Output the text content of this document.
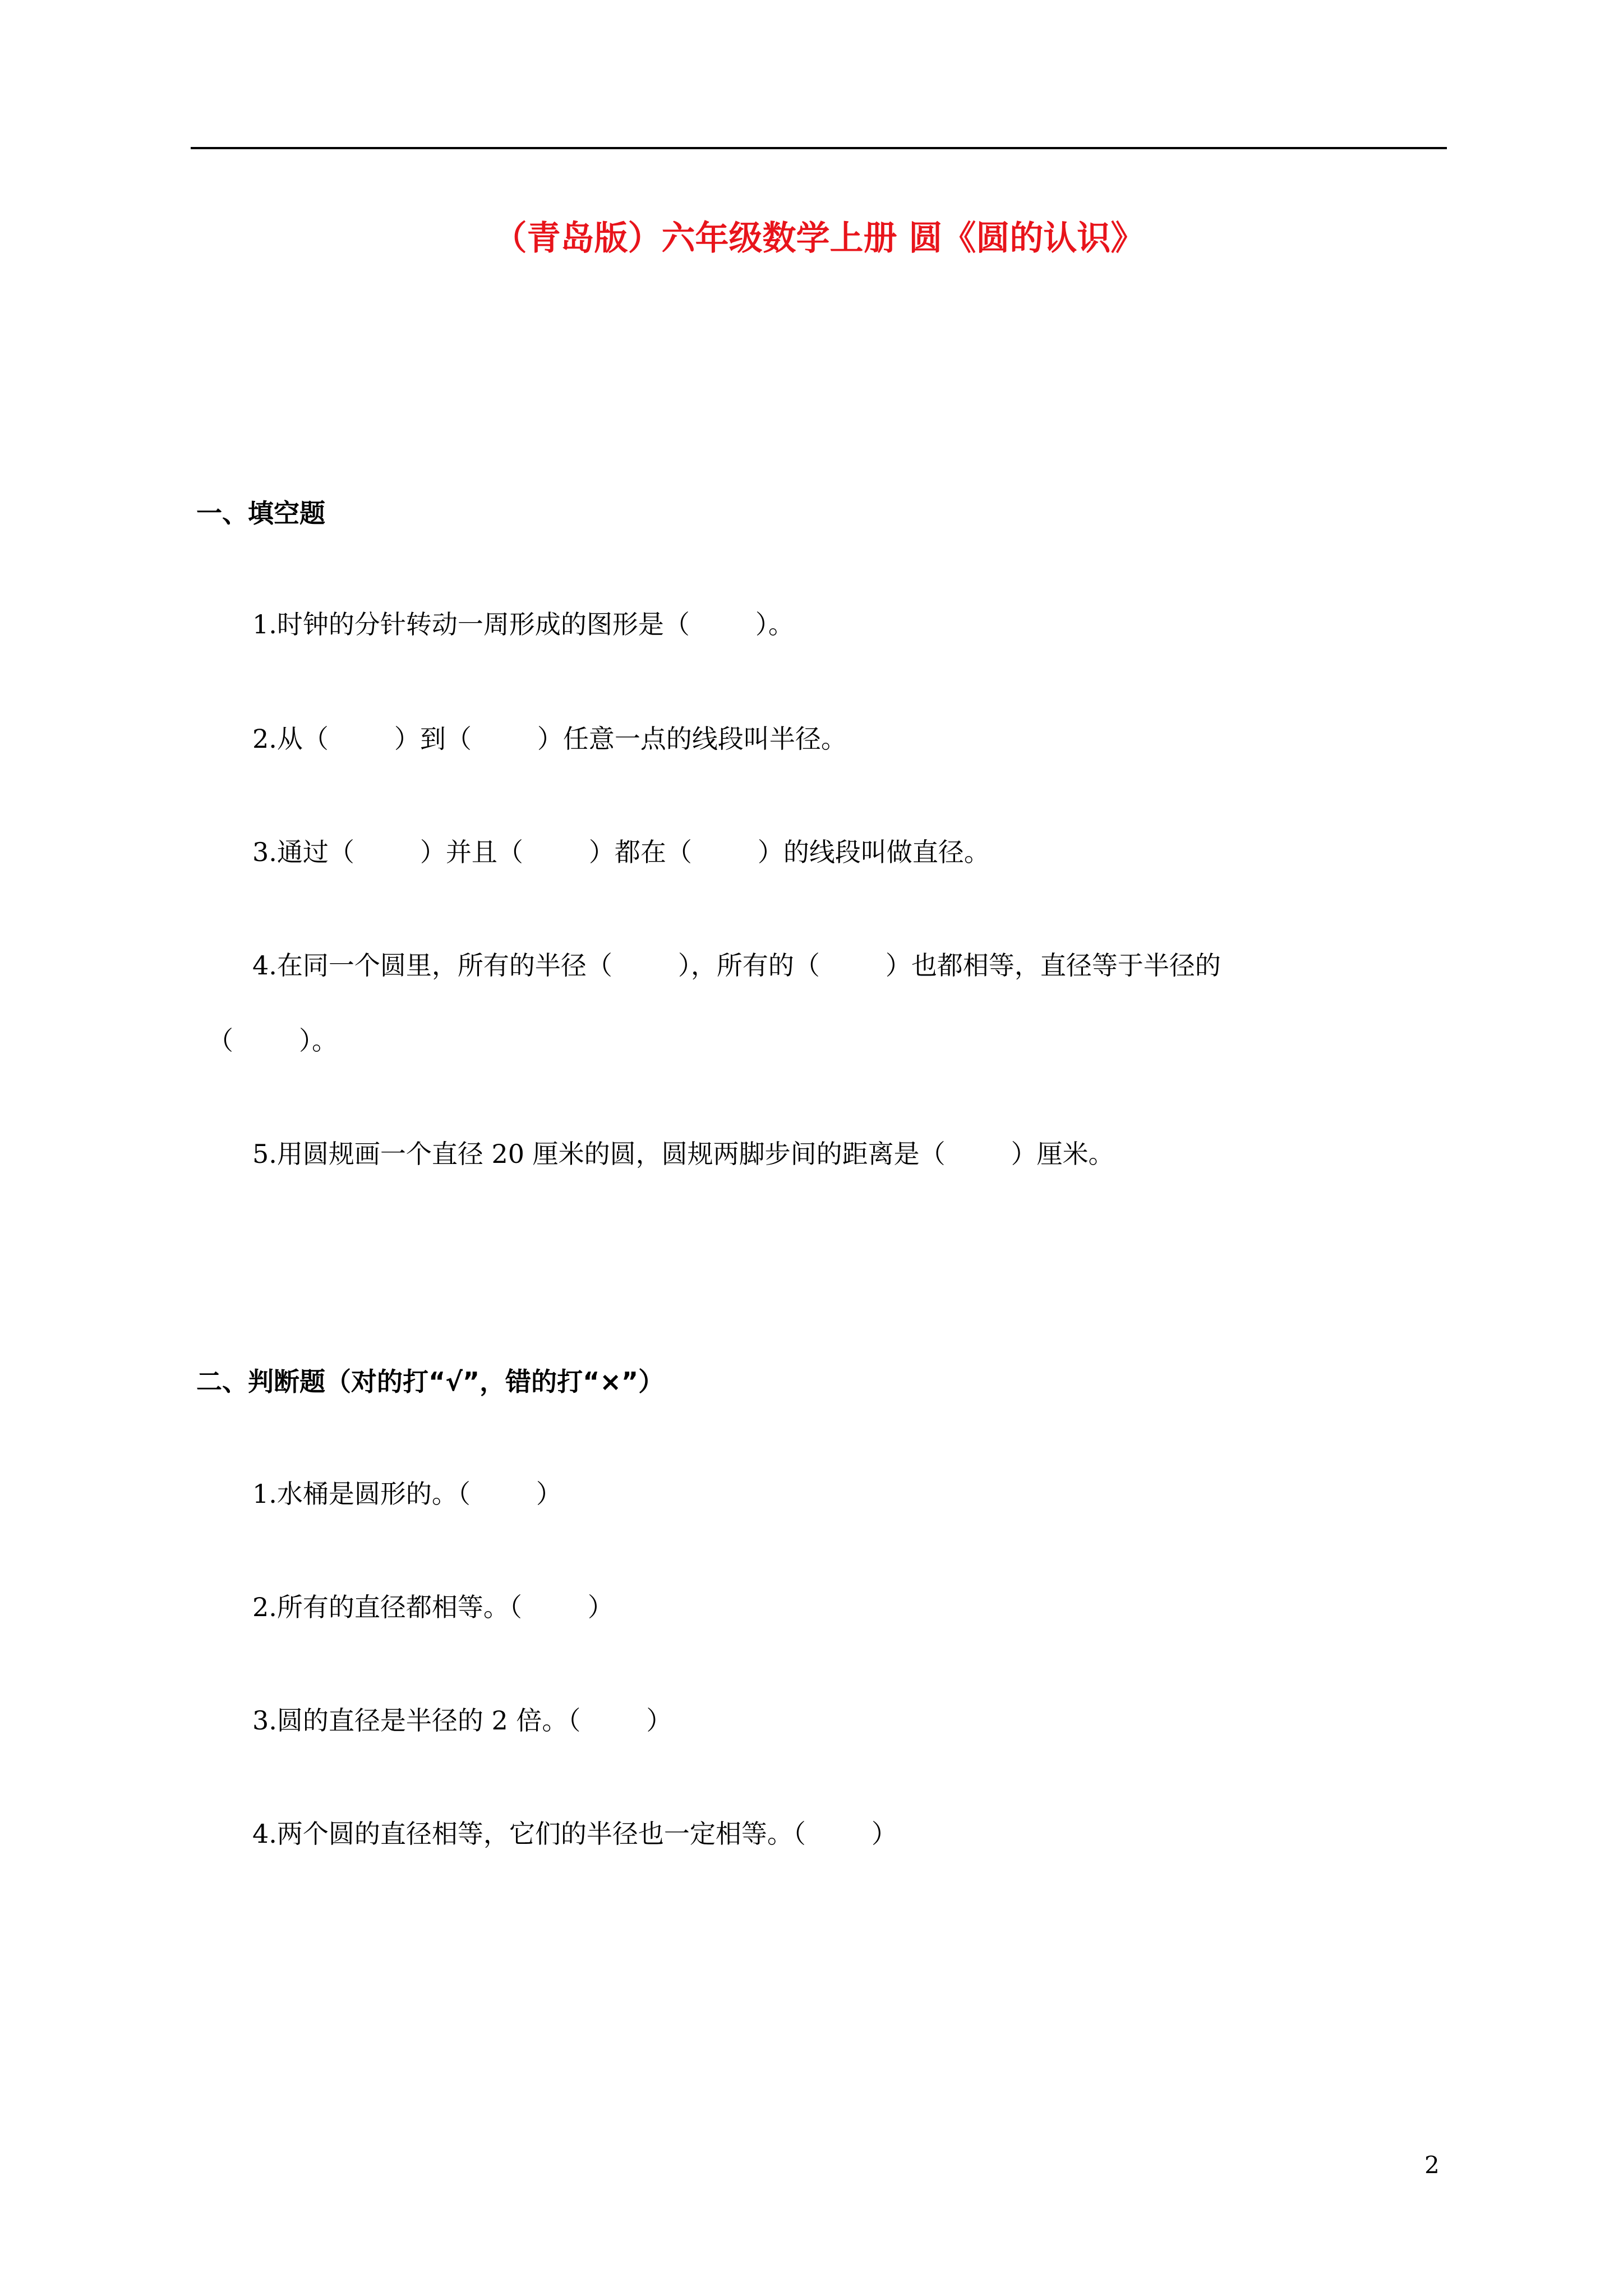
（青岛版）六年级数学上册 圆《圆的认识》
一、填空题
1.时钟的分针转动一周形成的图形是（        ）。
2.从（        ）到（        ）任意一点的线段叫半径。
3.通过（        ）并且（        ）都在（        ）的线段叫做直径。
4.在同一个圆里，所有的半径（        ），所有的（        ）也都相等，直径等于半径的
（        ）。
5.用圆规画一个直径 20 厘米的圆，圆规两脚步间的距离是（        ）厘米。
二、判断题（对的打“√”，错的打“×”）
1.水桶是圆形的。（        ）
2.所有的直径都相等。（        ）
3.圆的直径是半径的 2 倍。（        ）
4.两个圆的直径相等，它们的半径也一定相等。（        ）
2
